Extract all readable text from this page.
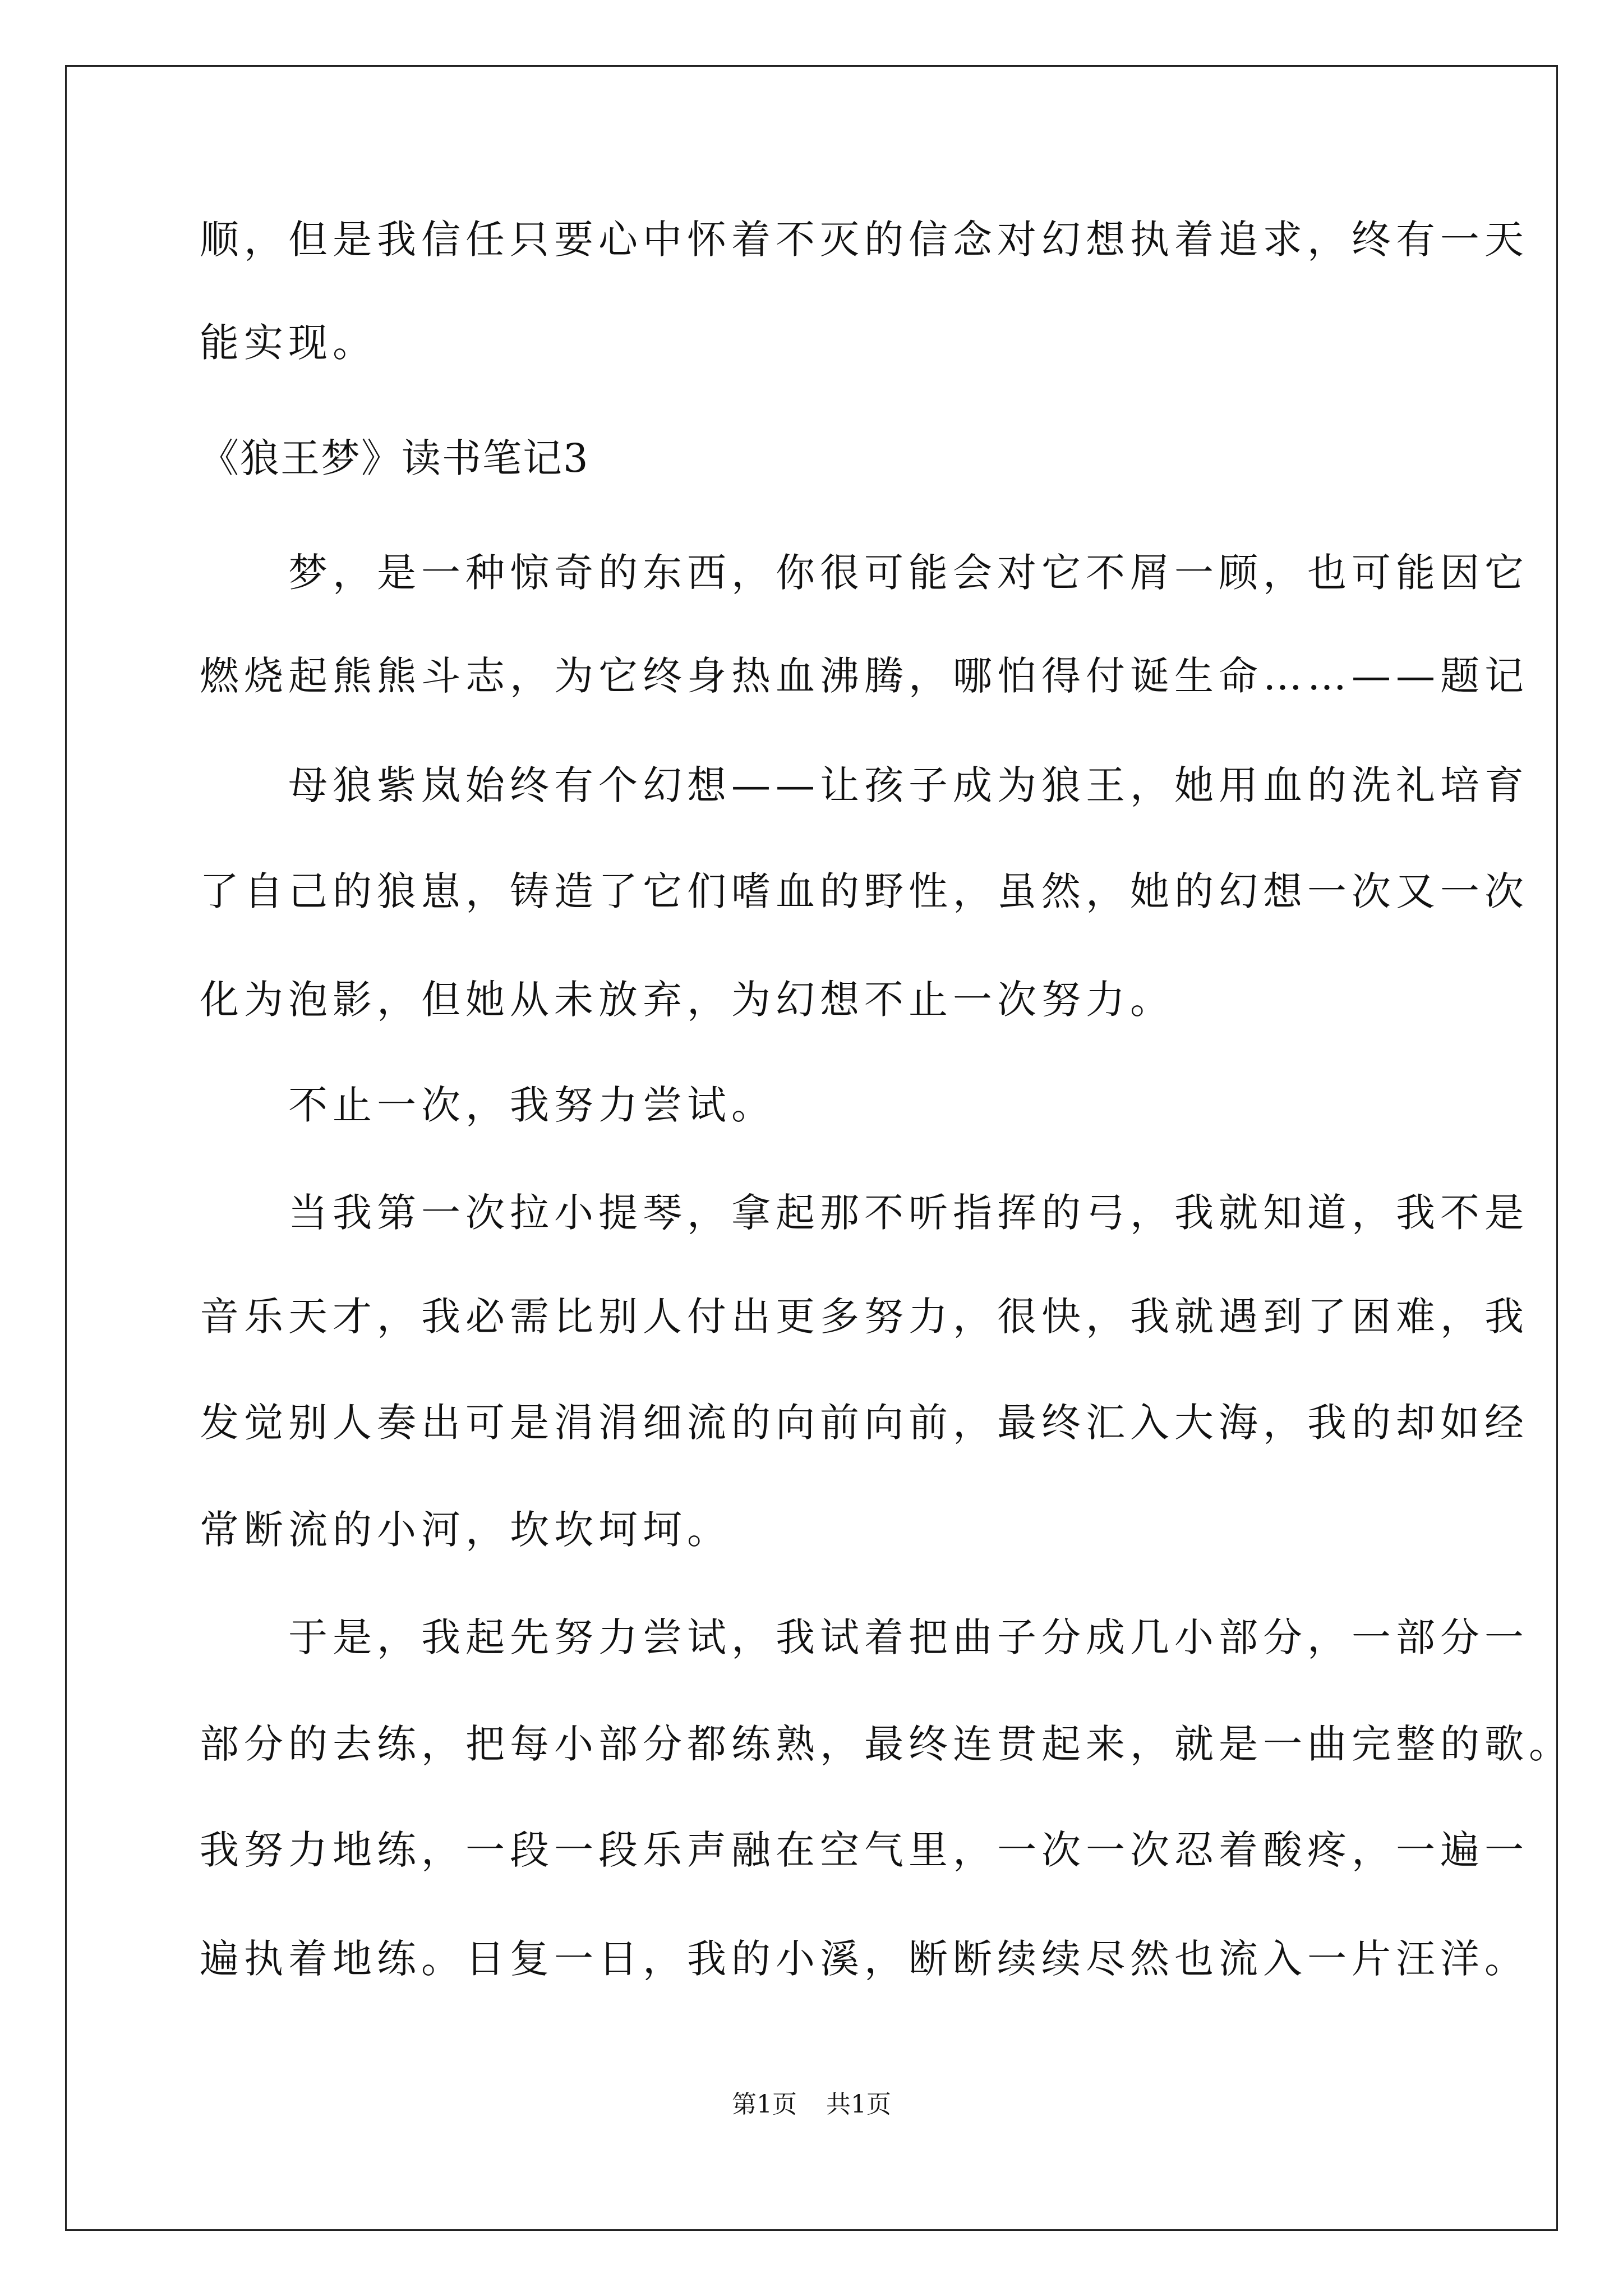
顺，但是我信任只要心中怀着不灭的信念对幻想执着追求，终有一天
能实现。
《狼王梦》读书笔记3
　　梦，是一种惊奇的东西，你很可能会对它不屑一顾，也可能因它
燃烧起熊熊斗志，为它终身热血沸腾，哪怕得付诞生命……——题记
　　母狼紫岚始终有个幻想——让孩子成为狼王，她用血的洗礼培育
了自己的狼崽，铸造了它们嗜血的野性，虽然，她的幻想一次又一次
化为泡影，但她从未放弃，为幻想不止一次努力。
　　不止一次，我努力尝试。
　　当我第一次拉小提琴，拿起那不听指挥的弓，我就知道，我不是
音乐天才，我必需比别人付出更多努力，很快，我就遇到了困难，我
发觉别人奏出可是涓涓细流的向前向前，最终汇入大海，我的却如经
常断流的小河，坎坎坷坷。
　　于是，我起先努力尝试，我试着把曲子分成几小部分，一部分一
部分的去练，把每小部分都练熟，最终连贯起来，就是一曲完整的歌。
我努力地练，一段一段乐声融在空气里，一次一次忍着酸疼，一遍一
遍执着地练。日复一日，我的小溪，断断续续尽然也流入一片汪洋。
第1页 共1页
